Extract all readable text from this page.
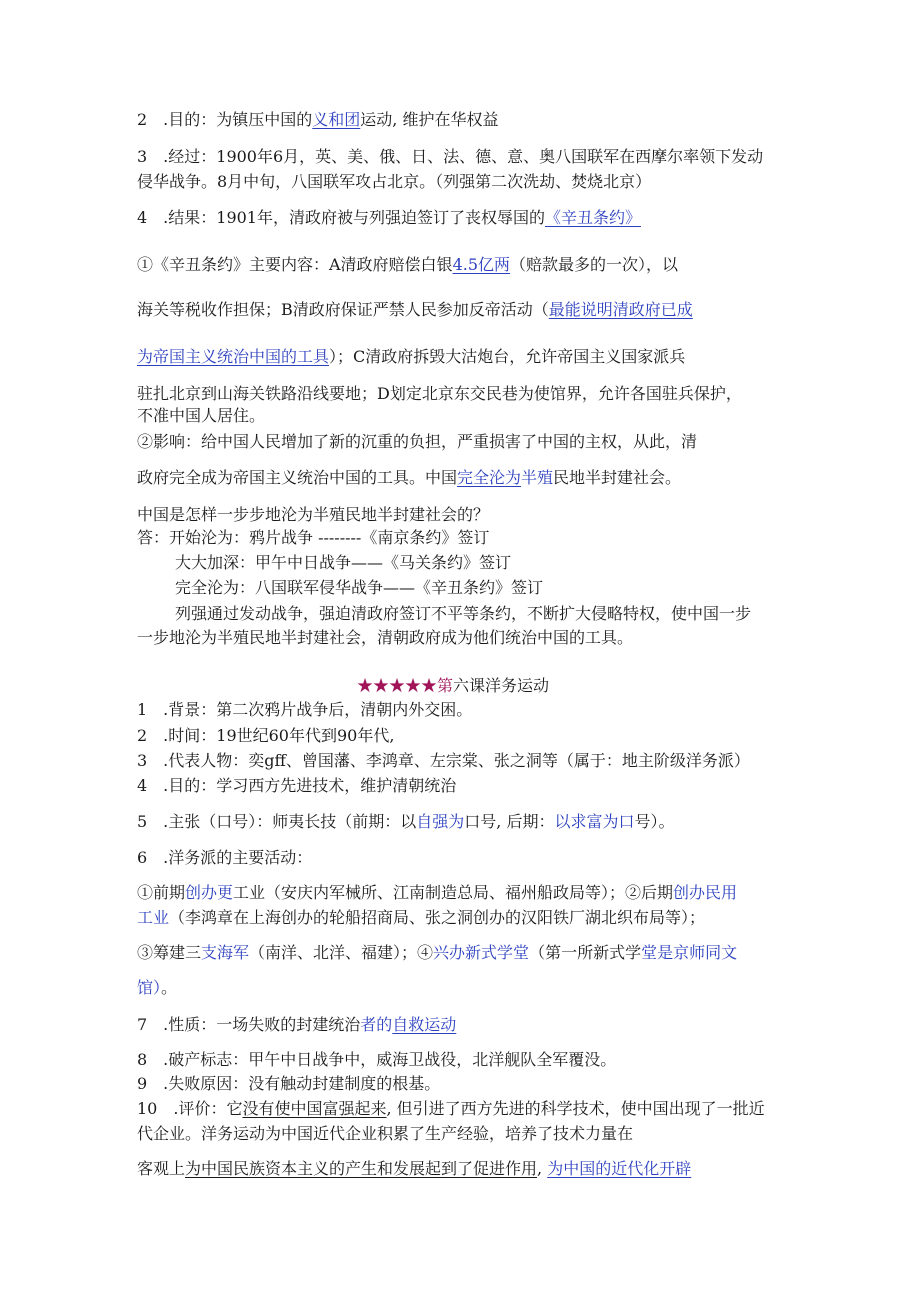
2　.目的：为镇压中国的义和团运动, 维护在华权益
3　.经过：1900年6月，英、美、俄、日、法、德、意、奥八国联军在西摩尔率领下发动
侵华战争。8月中旬，八国联军攻占北京。（列强第二次洗劫、焚烧北京）
4　.结果：1901年，清政府被与列强迫签订了丧权辱国的《辛丑条约》
①《辛丑条约》主要内容：A清政府赔偿白银4.5亿两（赔款最多的一次），以
海关等税收作担保；B清政府保证严禁人民参加反帝活动（最能说明清政府已成
为帝国主义统治中国的工具）；C清政府拆毁大沽炮台，允许帝国主义国家派兵
驻扎北京到山海关铁路沿线要地；D划定北京东交民巷为使馆界，允许各国驻兵保护，
不准中国人居住。
②影响：给中国人民增加了新的沉重的负担，严重损害了中国的主权，从此，清
政府完全成为帝国主义统治中国的工具。中国完全沦为半殖民地半封建社会。
中国是怎样一步步地沦为半殖民地半封建社会的？
答：开始沦为：鸦片战争 --------《南京条约》签订
大大加深：甲午中日战争——《马关条约》签订
完全沦为：八国联军侵华战争——《辛丑条约》签订
列强通过发动战争，强迫清政府签订不平等条约，不断扩大侵略特权，使中国一步
一步地沦为半殖民地半封建社会，清朝政府成为他们统治中国的工具。
★★★★★第六课洋务运动
1　.背景：第二次鸦片战争后，清朝内外交困。
2　.时间：19世纪60年代到90年代,
3　.代表人物：奕gff、曾国藩、李鸿章、左宗棠、张之洞等（属于：地主阶级洋务派）
4　.目的：学习西方先进技术，维护清朝统治
5　.主张（口号）：师夷长技（前期：以自强为口号, 后期：以求富为口号）。
6　.洋务派的主要活动：
①前期创办更工业（安庆内军械所、江南制造总局、福州船政局等）；②后期创办民用
工业（李鸿章在上海创办的轮船招商局、张之洞创办的汉阳铁厂湖北织布局等）；
③筹建三支海军（南洋、北洋、福建）；④兴办新式学堂（第一所新式学堂是京师同文
馆）。
7　.性质：一场失败的封建统治者的自救运动
8　.破产标志：甲午中日战争中，威海卫战役，北洋舰队全军覆没。
9　.失败原因：没有触动封建制度的根基。
10　.评价：它没有使中国富强起来, 但引进了西方先进的科学技术，使中国出现了一批近
代企业。洋务运动为中国近代企业积累了生产经验，培养了技术力量在
客观上为中国民族资本主义的产生和发展起到了促进作用, 为中国的近代化开辟
